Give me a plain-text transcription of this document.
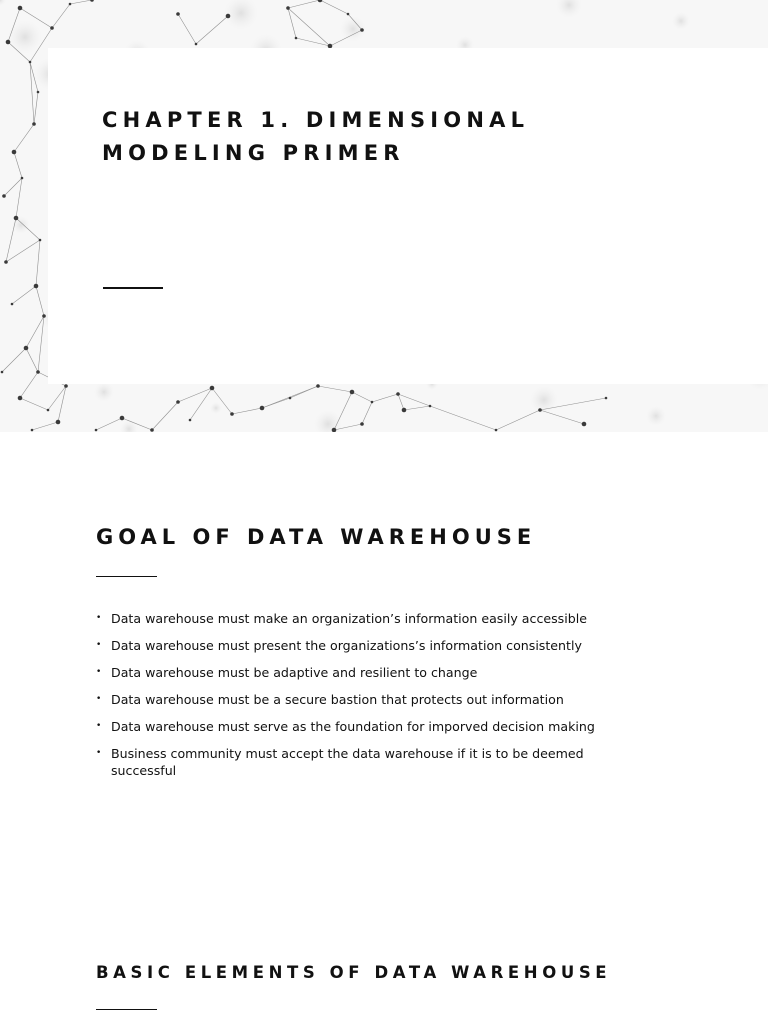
CHAPTER 1. DIMENSIONAL
MODELING PRIMER
GOAL OF DATA WAREHOUSE
• Data warehouse must make an organization’s information easily accessible
• Data warehouse must present the organizations’s information consistently
• Data warehouse must be adaptive and resilient to change
• Data warehouse must be a secure bastion that protects out information
• Data warehouse must serve as the foundation for imporved decision making
• Business community must accept the data warehouse if it is to be deemed successful
BASIC ELEMENTS OF DATA WAREHOUSE
